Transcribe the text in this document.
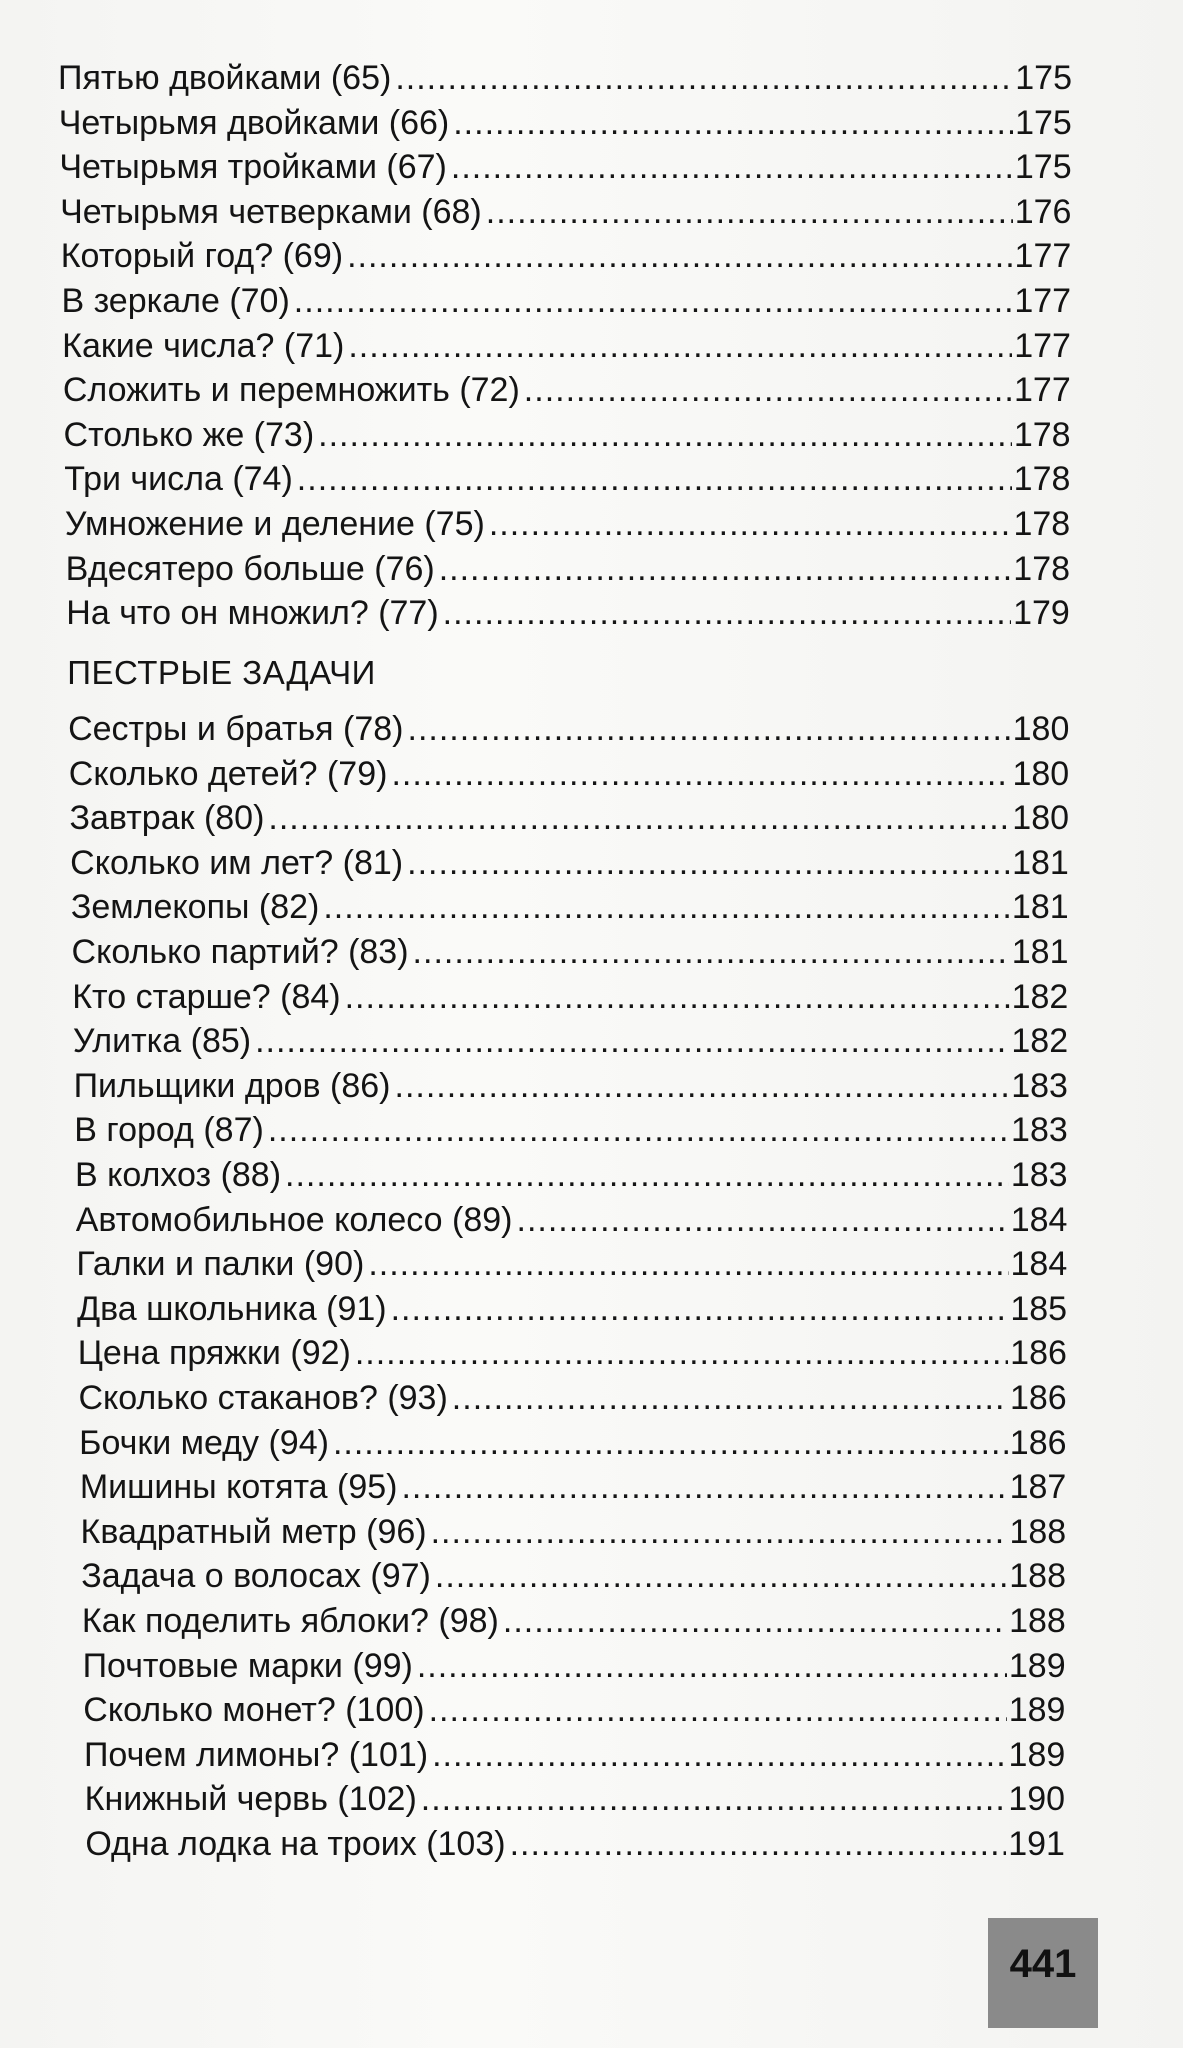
Пятью двойками (65) .....	175
Четырьмя двойками (66) .....	175
Четырьмя тройками (67) .....	175
Четырьмя четверками (68) .....	176
Который год? (69) .....	177
В зеркале (70) .....	177
Какие числа? (71) .....	177
Сложить и перемножить (72) .....	177
Столько же (73) .....	178
Три числа (74) .....	178
Умножение и деление (75) .....	178
Вдесятеро больше (76) .....	178
На что он множил? (77) .....	179
Сестры и братья (78) .....	180
Сколько детей? (79) .....	180
Завтрак (80) .....	180
Сколько им лет? (81) .....	181
Землекопы (82) .....	181
Сколько партий? (83) .....	181
Кто старше? (84) .....	182
Улитка (85) .....	182
Пильщики дров (86) .....	183
В город (87) .....	183
В колхоз (88) .....	183
Автомобильное колесо (89) .....	184
Галки и палки (90) .....	184
Два школьника (91) .....	185
Цена пряжки (92) .....	186
Сколько стаканов? (93) .....	186
Бочки меду (94) .....	186
Мишины котята (95) .....	187
Квадратный метр (96) .....	188
Задача о волосах (97) .....	188
Как поделить яблоки? (98) .....	188
Почтовые марки (99) .....	189
Сколько монет? (100) .....	189
Почем лимоны? (101) .....	189
Книжный червь (102) .....	190
Одна лодка на троих (103) .....	191
ПЕСТРЫЕ ЗАДАЧИ
441
